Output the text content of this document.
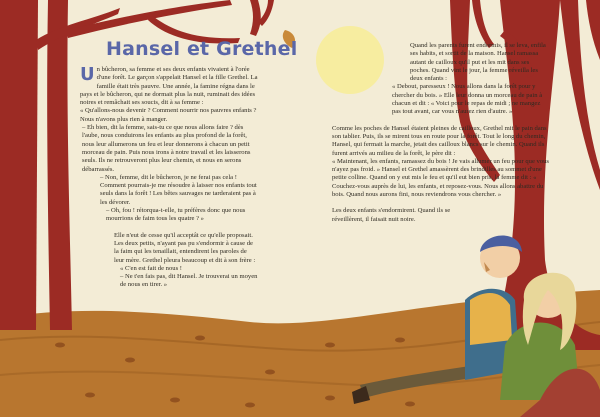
Hansel et Grethel

Un bûcheron, sa femme et ses deux enfants vivaient à l'orée d'une forêt. Le garçon s'appelait Hansel et la fille Grethel. La famille était très pauvre. Une année, la famine régna dans le pays et le bûcheron, qui ne dormait plus la nuit, ruminait des idées noires et remâchait ses soucis, dit à sa femme :

« Qu'allons-nous devenir ? Comment nourrir nos pauvres enfants ? Nous n'avons plus rien à manger.

– Eh bien, dit la femme, sais-tu ce que nous allons faire ? dès l'aube, nous conduirons les enfants au plus profond de la forêt, nous leur allumerons un feu et leur donnerons à chacun un petit morceau de pain. Puis nous irons à notre travail et les laisserons seuls. Ils ne retrouveront plus leur chemin, et nous en serons débarrassés.

– Non, femme, dit le bûcheron, je ne ferai pas cela ! Comment pourrais-je me résoudre à laisser nos enfants tout seuls dans la forêt ! Les bêtes sauvages ne tarderaient pas à les dévorer.

– Oh, fou ! rétorqua-t-elle, tu préfères donc que nous mourrions de faim tous les quatre ? »

Elle n'eut de cesse qu'il acceptât ce qu'elle proposait. Les deux petits, n'ayant pas pu s'endormir à cause de la faim qui les tenaillait, entendirent les paroles de leur mère. Grethel pleura beaucoup et dit à son frère :

« C'en est fait de nous !

– Ne t'en fais pas, dit Hansel. Je trouverai un moyen de nous en tirer. »

Quand les parents furent endormis, il se leva, enfila ses habits, et sortit de la maison. Hansel ramassa autant de cailloux qu'il put et les mit dans ses poches. Quand vint le jour, la femme réveilla les deux enfants :

« Debout, paresseux ! Nous allons dans la forêt pour y chercher du bois. » Elle leur donna un morceau de pain à chacun et dit : « Voici pour le repas de midi ; ne mangez pas tout avant, car vous n'aurez rien d'autre. »

Comme les poches de Hansel étaient pleines de cailloux, Grethel mit le pain dans son tablier. Puis, ils se mirent tous en route pour la forêt. Tout le long du chemin, Hansel, qui fermait la marche, jetait des cailloux blancs sur le chemin. Quand ils furent arrivés au milieu de la forêt, le père dit :

« Maintenant, les enfants, ramassez du bois ! Je vais allumer un feu pour que vous n'ayez pas froid. » Hansel et Grethel amassèrent des brindilles au sommet d'une petite colline. Quand on y eut mis le feu et qu'il eut bien pris, la femme dit : « Couchez-vous auprès de lui, les enfants, et reposez-vous. Nous allons abattre du bois. Quand nous aurons fini, nous reviendrons vous chercher. »

Les deux enfants s'endormirent. Quand ils se réveillèrent, il faisait nuit noire.
